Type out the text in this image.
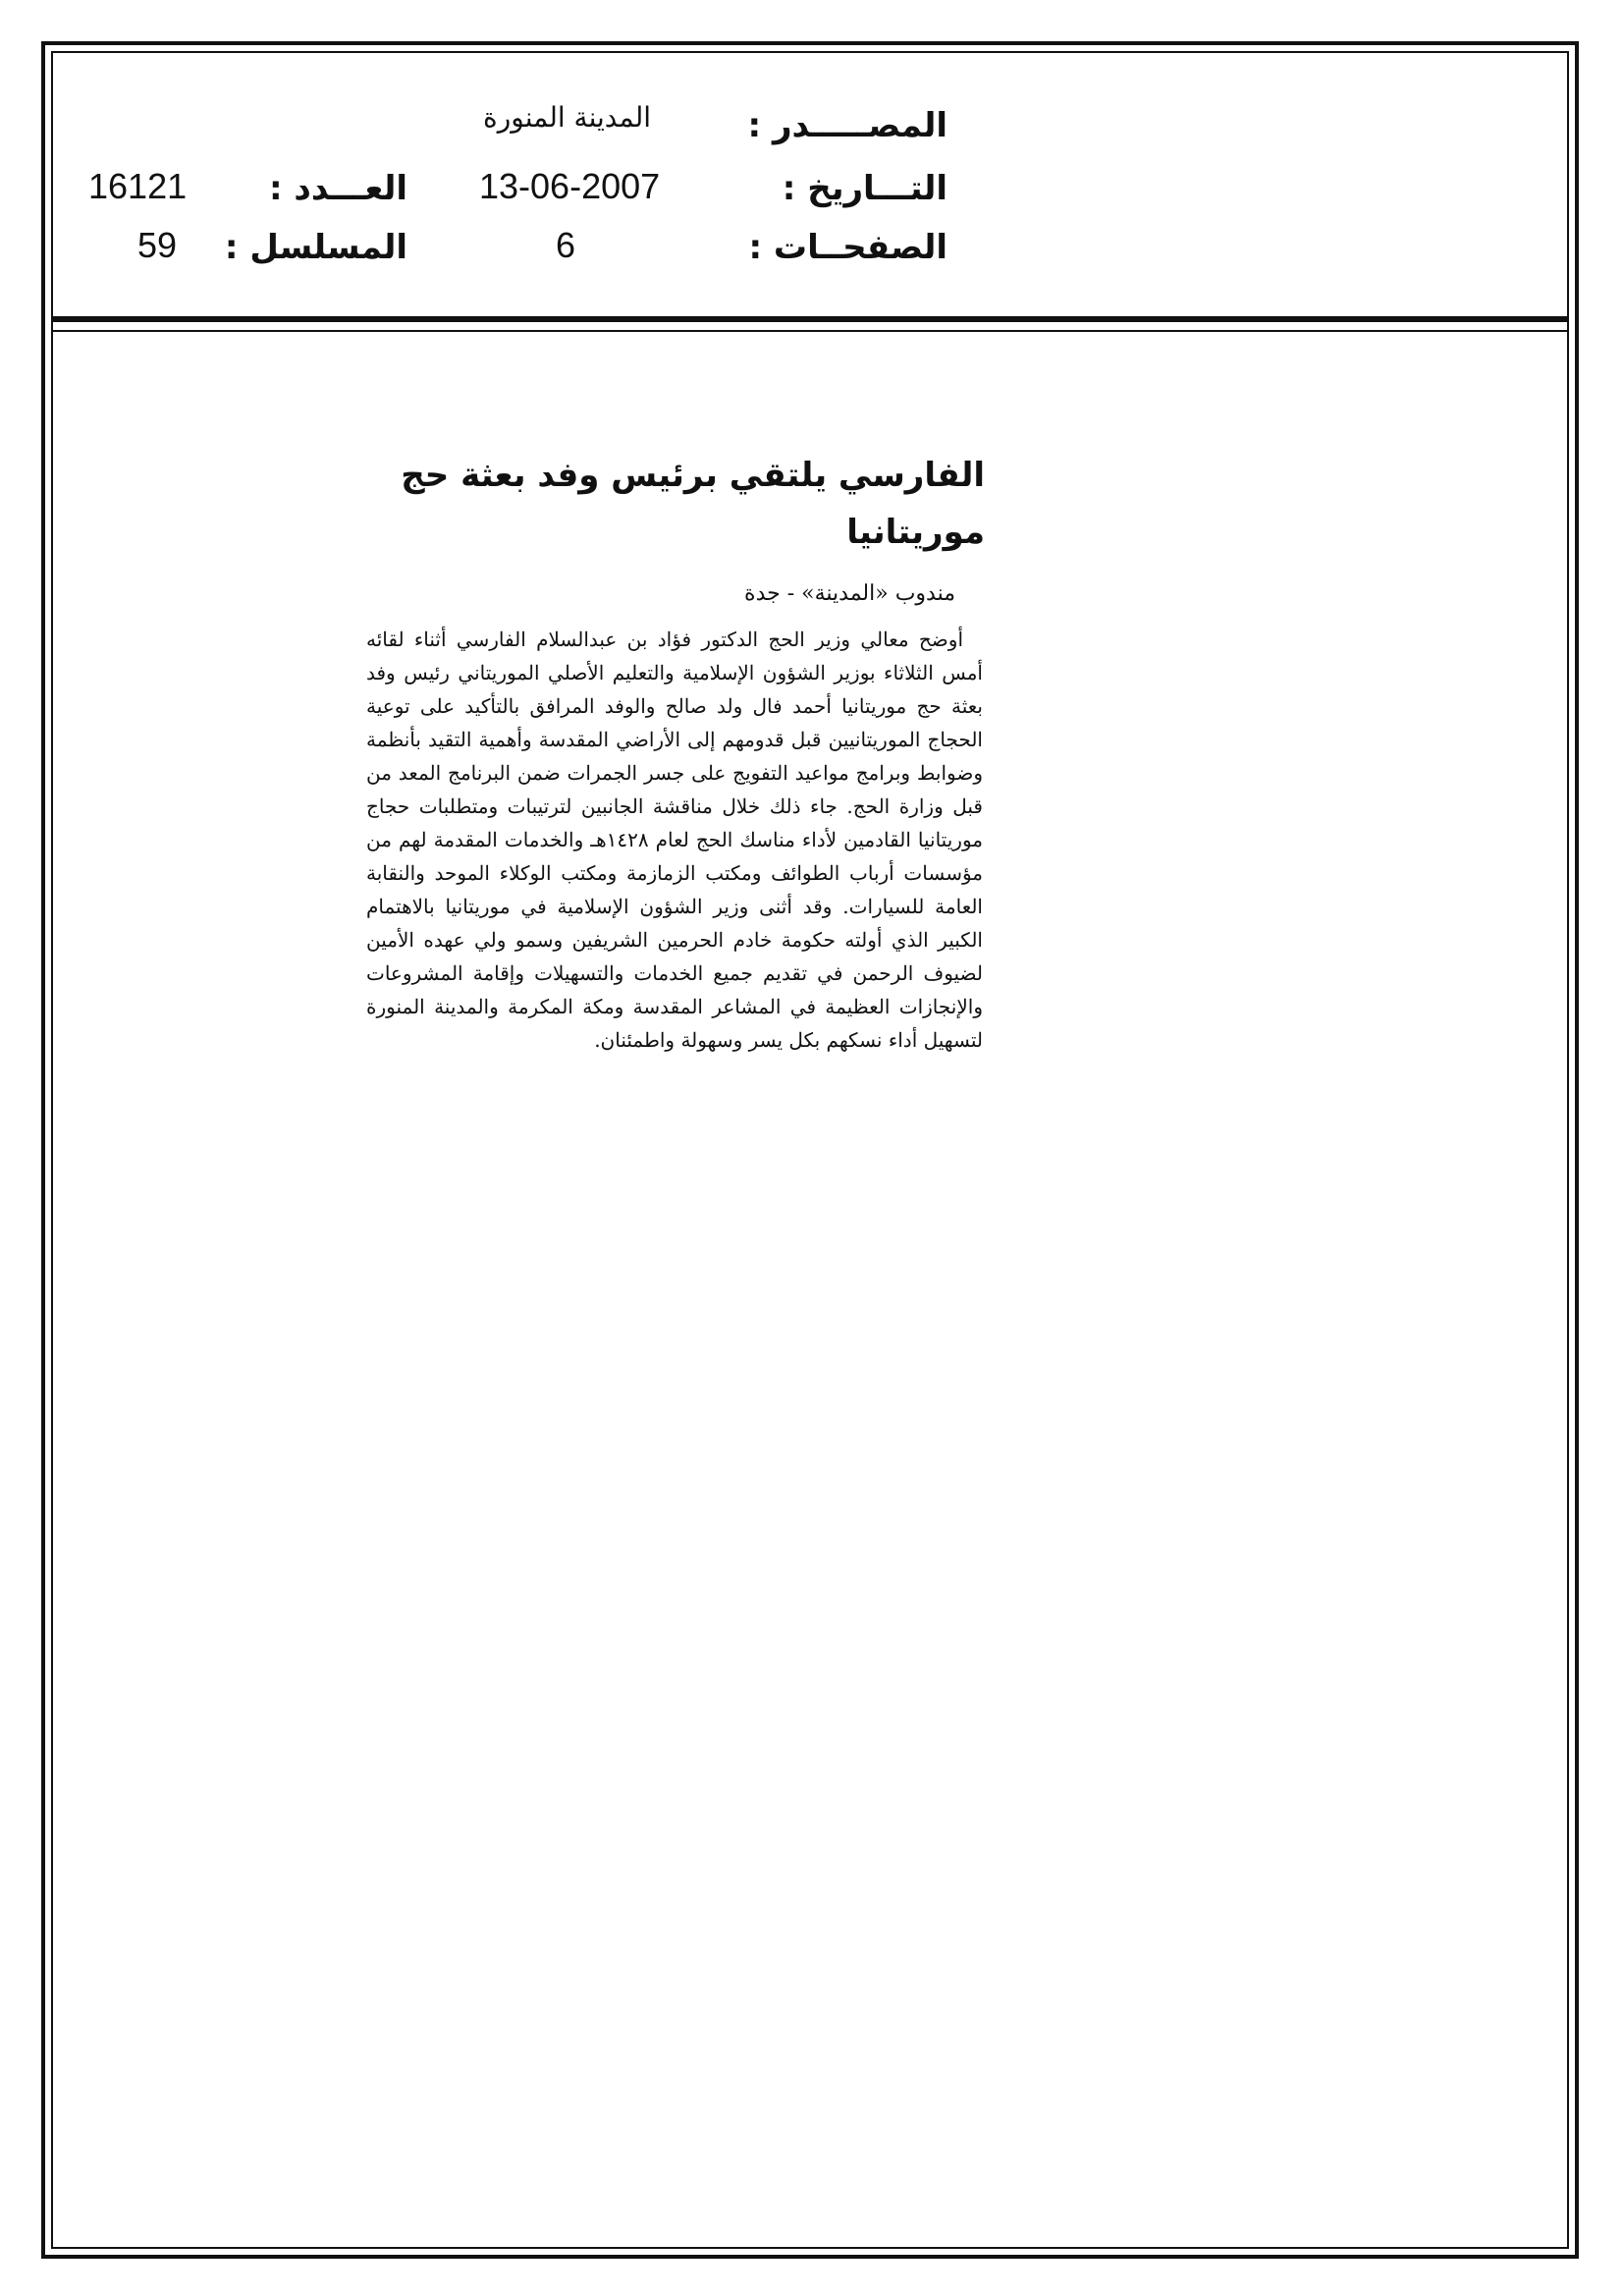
المصـــــدر :
المدينة المنورة
التـــاريخ :
13-06-2007
الصفحــات :
6
العـــدد :
16121
المسلسل :
59
الفارسي يلتقي برئيس وفد بعثة حج موريتانيا
مندوب «المدينة» - جدة

أوضح معالي وزير الحج الدكتور فؤاد بن عبدالسلام الفارسي أثناء لقائه أمس الثلاثاء بوزير الشؤون الإسلامية والتعليم الأصلي الموريتاني رئيس وفد بعثة حج موريتانيا أحمد فال ولد صالح والوفد المرافق بالتأكيد على توعية الحجاج الموريتانيين قبل قدومهم إلى الأراضي المقدسة وأهمية التقيد بأنظمة وضوابط وبرامج مواعيد التفويج على جسر الجمرات ضمن البرنامج المعد من قبل وزارة الحج. جاء ذلك خلال مناقشة الجانبين لترتيبات ومتطلبات حجاج موريتانيا القادمين لأداء مناسك الحج لعام ١٤٢٨هـ والخدمات المقدمة لهم من مؤسسات أرباب الطوائف ومكتب الزمازمة ومكتب الوكلاء الموحد والنقابة العامة للسيارات. وقد أثنى وزير الشؤون الإسلامية في موريتانيا بالاهتمام الكبير الذي أولته حكومة خادم الحرمين الشريفين وسمو ولي عهده الأمين لضيوف الرحمن في تقديم جميع الخدمات والتسهيلات وإقامة المشروعات والإنجازات العظيمة في المشاعر المقدسة ومكة المكرمة والمدينة المنورة لتسهيل أداء نسكهم بكل يسر وسهولة واطمئنان.
